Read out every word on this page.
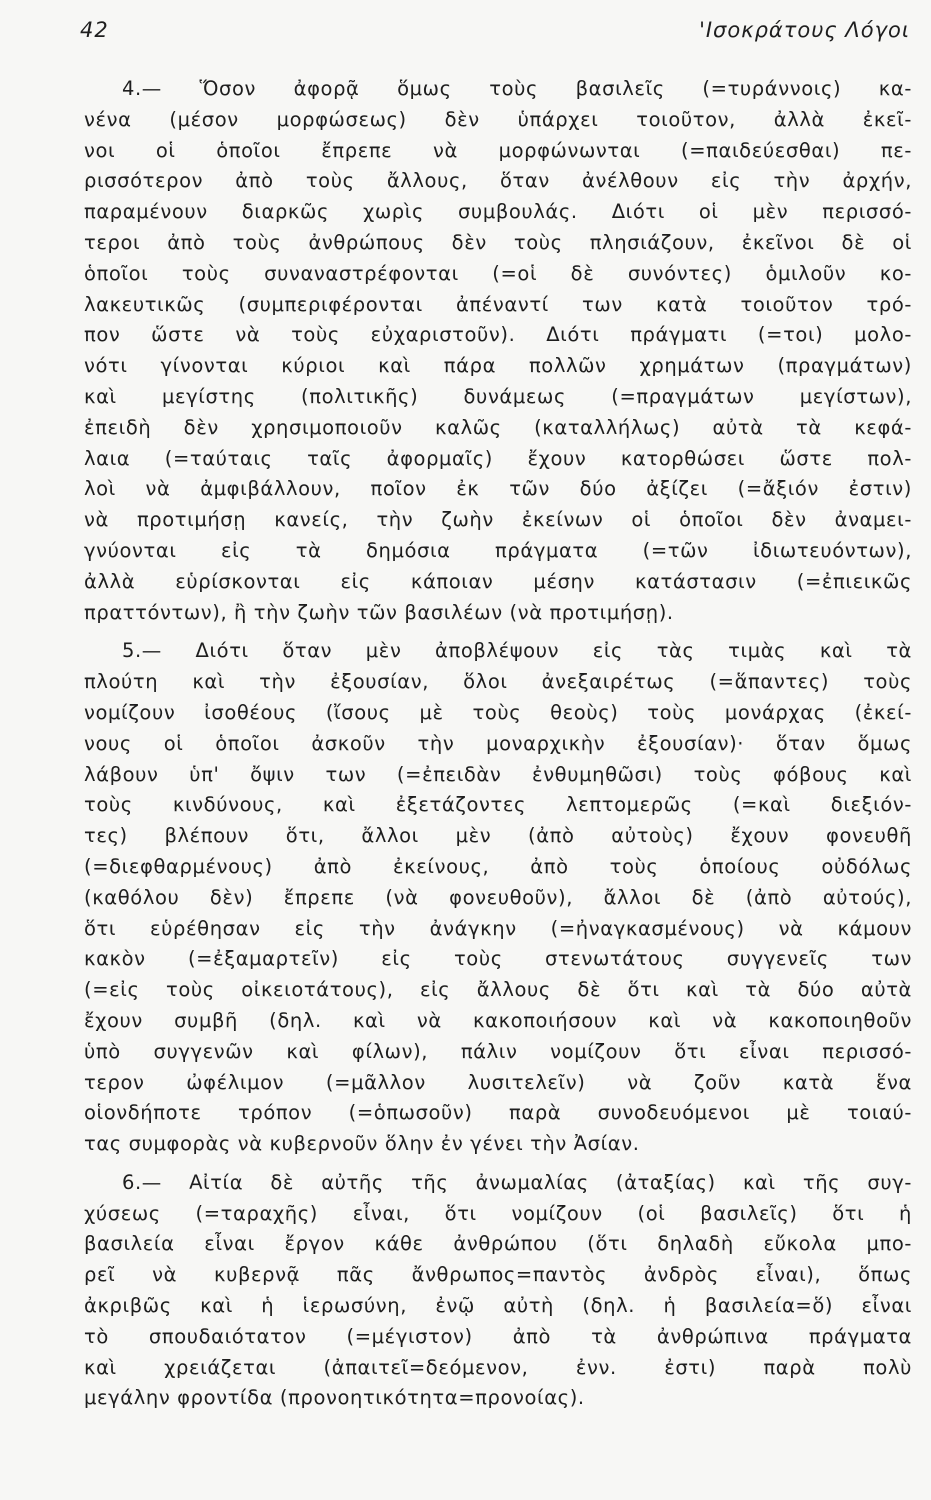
42	'Ισοκράτους Λόγοι
4.— Ὅσον ἀφορᾷ ὅμως τοὺς βασιλεῖς (=τυράννοις) κα-
νένα (μέσον μορφώσεως) δὲν ὑπάρχει τοιοῦτον, ἀλλὰ ἐκεῖ-
νοι οἱ ὁποῖοι ἔπρεπε νὰ μορφώνωνται (=παιδεύεσθαι) πε-
ρισσότερον ἀπὸ τοὺς ἄλλους, ὅταν ἀνέλθουν εἰς τὴν ἀρχήν,
παραμένουν διαρκῶς χωρὶς συμβουλάς. Διότι οἱ μὲν περισσό-
τεροι ἀπὸ τοὺς ἀνθρώπους δὲν τοὺς πλησιάζουν, ἐκεῖνοι δὲ οἱ
ὁποῖοι τοὺς συναναστρέφονται (=οἱ δὲ συνόντες) ὁμιλοῦν κο-
λακευτικῶς (συμπεριφέρονται ἀπέναντί των κατὰ τοιοῦτον τρό-
πον ὥστε νὰ τοὺς εὐχαριστοῦν). Διότι πράγματι (=τοι) μολο-
νότι γίνονται κύριοι καὶ πάρα πολλῶν χρημάτων (πραγμάτων)
καὶ μεγίστης (πολιτικῆς) δυνάμεως (=πραγμάτων μεγίστων),
ἐπειδὴ δὲν χρησιμοποιοῦν καλῶς (καταλλήλως) αὐτὰ τὰ κεφά-
λαια (=ταύταις ταῖς ἀφορμαῖς) ἔχουν κατορθώσει ὥστε πολ-
λοὶ νὰ ἀμφιβάλλουν, ποῖον ἐκ τῶν δύο ἀξίζει (=ἄξιόν ἐστιν)
νὰ προτιμήσῃ κανείς, τὴν ζωὴν ἐκείνων οἱ ὁποῖοι δὲν ἀναμει-
γνύονται εἰς τὰ δημόσια πράγματα (=τῶν ἰδιωτευόντων),
ἀλλὰ εὑρίσκονται εἰς κάποιαν μέσην κατάστασιν (=ἐπιεικῶς
πραττόντων), ἢ τὴν ζωὴν τῶν βασιλέων (νὰ προτιμήσῃ).
5.— Διότι ὅταν μὲν ἀποβλέψουν εἰς τὰς τιμὰς καὶ τὰ
πλούτη καὶ τὴν ἐξουσίαν, ὅλοι ἀνεξαιρέτως (=ἅπαντες) τοὺς
νομίζουν ἰσοθέους (ἴσους μὲ τοὺς θεοὺς) τοὺς μονάρχας (ἐκεί-
νους οἱ ὁποῖοι ἀσκοῦν τὴν μοναρχικὴν ἐξουσίαν)· ὅταν ὅμως
λάβουν ὑπ' ὄψιν των (=ἐπειδὰν ἐνθυμηθῶσι) τοὺς φόβους καὶ
τοὺς κινδύνους, καὶ ἐξετάζοντες λεπτομερῶς (=καὶ διεξιόν-
τες) βλέπουν ὅτι, ἄλλοι μὲν (ἀπὸ αὐτοὺς) ἔχουν φονευθῆ
(=διεφθαρμένους) ἀπὸ ἐκείνους, ἀπὸ τοὺς ὁποίους οὐδόλως
(καθόλου δὲν) ἔπρεπε (νὰ φονευθοῦν), ἄλλοι δὲ (ἀπὸ αὐτούς),
ὅτι εὑρέθησαν εἰς τὴν ἀνάγκην (=ἠναγκασμένους) νὰ κάμουν
κακὸν (=ἐξαμαρτεῖν) εἰς τοὺς στενωτάτους συγγενεῖς των
(=εἰς τοὺς οἰκειοτάτους), εἰς ἄλλους δὲ ὅτι καὶ τὰ δύο αὐτὰ
ἔχουν συμβῆ (δηλ. καὶ νὰ κακοποιήσουν καὶ νὰ κακοποιηθοῦν
ὑπὸ συγγενῶν καὶ φίλων), πάλιν νομίζουν ὅτι εἶναι περισσό-
τερον ὠφέλιμον (=μᾶλλον λυσιτελεῖν) νὰ ζοῦν κατὰ ἕνα
οἱονδήποτε τρόπον (=ὁπωσοῦν) παρὰ συνοδευόμενοι μὲ τοιαύ-
τας συμφορὰς νὰ κυβερνοῦν ὅλην ἐν γένει τὴν Ἀσίαν.
6.— Αἰτία δὲ αὐτῆς τῆς ἀνωμαλίας (ἀταξίας) καὶ τῆς συγ-
χύσεως (=ταραχῆς) εἶναι, ὅτι νομίζουν (οἱ βασιλεῖς) ὅτι ἡ
βασιλεία εἶναι ἔργον κάθε ἀνθρώπου (ὅτι δηλαδὴ εὔκολα μπο-
ρεῖ νὰ κυβερνᾷ πᾶς ἄνθρωπος=παντὸς ἀνδρὸς εἶναι), ὅπως
ἀκριβῶς καὶ ἡ ἱερωσύνη, ἐνῷ αὐτὴ (δηλ. ἡ βασιλεία=ὅ) εἶναι
τὸ σπουδαιότατον (=μέγιστον) ἀπὸ τὰ ἀνθρώπινα πράγματα
καὶ χρειάζεται (ἀπαιτεῖ=δεόμενον, ἐνν. ἐστι) παρὰ πολὺ
μεγάλην φροντίδα (προνοητικότητα=προνοίας).
